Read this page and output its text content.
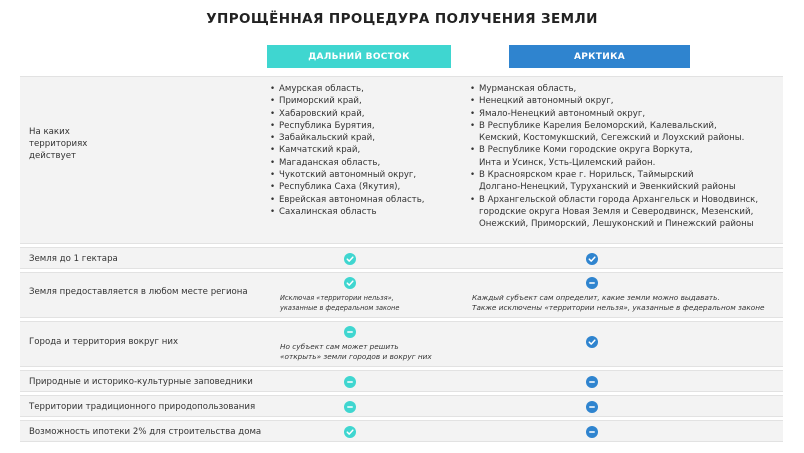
УПРОЩЁННАЯ ПРОЦЕДУРА ПОЛУЧЕНИЯ ЗЕМЛИ
ДАЛЬНИЙ ВОСТОК	АРКТИКА
На каких
территориях
действует
• Амурская область,
• Приморский край,
• Хабаровский край,
• Республика Бурятия,
• Забайкальский край,
• Камчатский край,
• Магаданская область,
• Чукотский автономный округ,
• Республика Саха (Якутия),
• Еврейская автономная область,
• Сахалинская область
• Мурманская область,
• Ненецкий автономный округ,
• Ямало-Ненецкий автономный округ,
• В Республике Карелия Беломорский, Калевальский,
Кемский, Костомукшский, Сегежский и Лоухский районы.
• В Республике Коми городские округа Воркута,
Инта и Усинск, Усть-Цилемский район.
• В Красноярском крае г. Норильск, Таймырский
Долгано-Ненецкий, Туруханский и Эвенкийский районы
• В Архангельской области города Архангельск и Новодвинск,
городские округа Новая Земля и Северодвинск, Мезенский,
Онежский, Приморский, Лешуконский и Пинежский районы
Земля до 1 гектара
Земля предоставляется в любом месте региона
Исключая «территории нельзя»,
указанные в федеральном законе
Каждый субъект сам определит, какие земли можно выдавать.
Также исключены «территории нельзя», указанные в федеральном законе
Города и территория вокруг них	Но субъект сам может решить
«открыть» земли городов и вокруг них
Природные и историко-культурные заповедники
Территории традиционного природопользования
Возможность ипотеки 2% для строительства дома
